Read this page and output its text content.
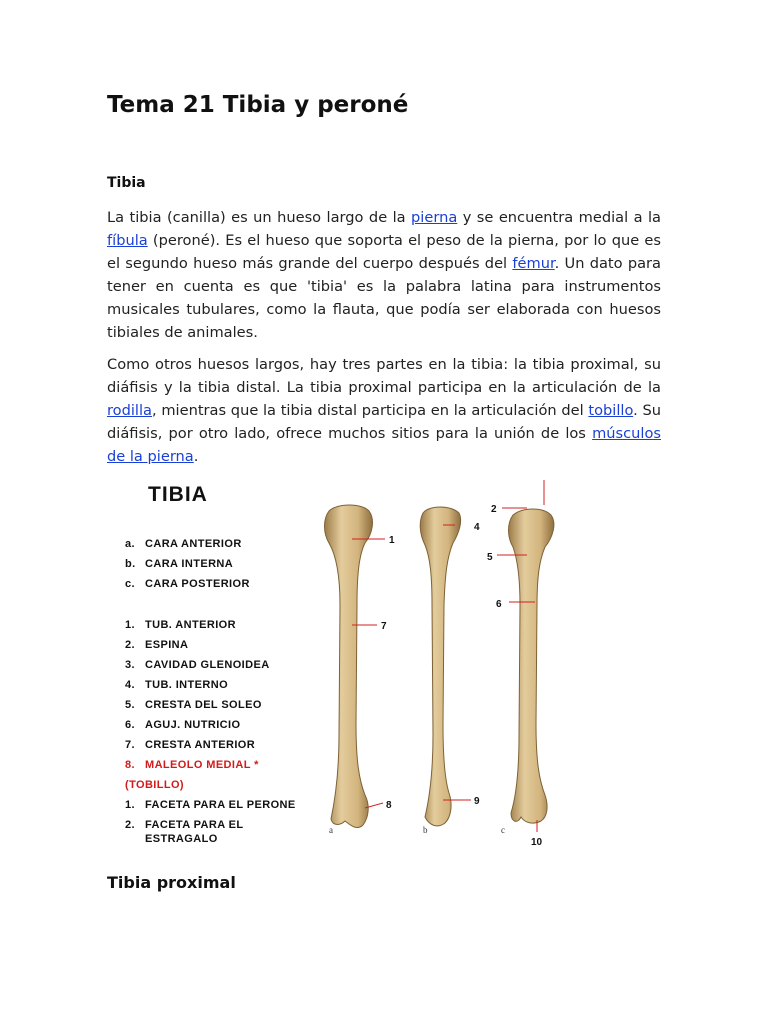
Tema 21 Tibia y peroné
Tibia

La tibia (canilla) es un hueso largo de la pierna y se encuentra medial a la fíbula (peroné). Es el hueso que soporta el peso de la pierna, por lo que es el segundo hueso más grande del cuerpo después del fémur. Un dato para tener en cuenta es que 'tibia' es la palabra latina para instrumentos musicales tubulares, como la flauta, que podía ser elaborada con huesos tibiales de animales.

Como otros huesos largos, hay tres partes en la tibia: la tibia proximal, su diáfisis y la tibia distal. La tibia proximal participa en la articulación de la rodilla, mientras que la tibia distal participa en la articulación del tobillo. Su diáfisis, por otro lado, ofrece muchos sitios para la unión de los músculos de la pierna.

TIBIA
a. CARA ANTERIOR
b. CARA INTERNA
c. CARA POSTERIOR
1. TUB. ANTERIOR
2. ESPINA
3. CAVIDAD GLENOIDEA
4. TUB. INTERNO
5. CRESTA DEL SOLEO
6. AGUJ. NUTRICIO
7. CRESTA ANTERIOR
8. MALEOLO MEDIAL *
(TOBILLO)
1. FACETA PARA EL PERONE
2. FACETA PARA EL ESTRAGALO
a	b	c
1
2
4
5
6
7
8	9
10
Tibia proximal
